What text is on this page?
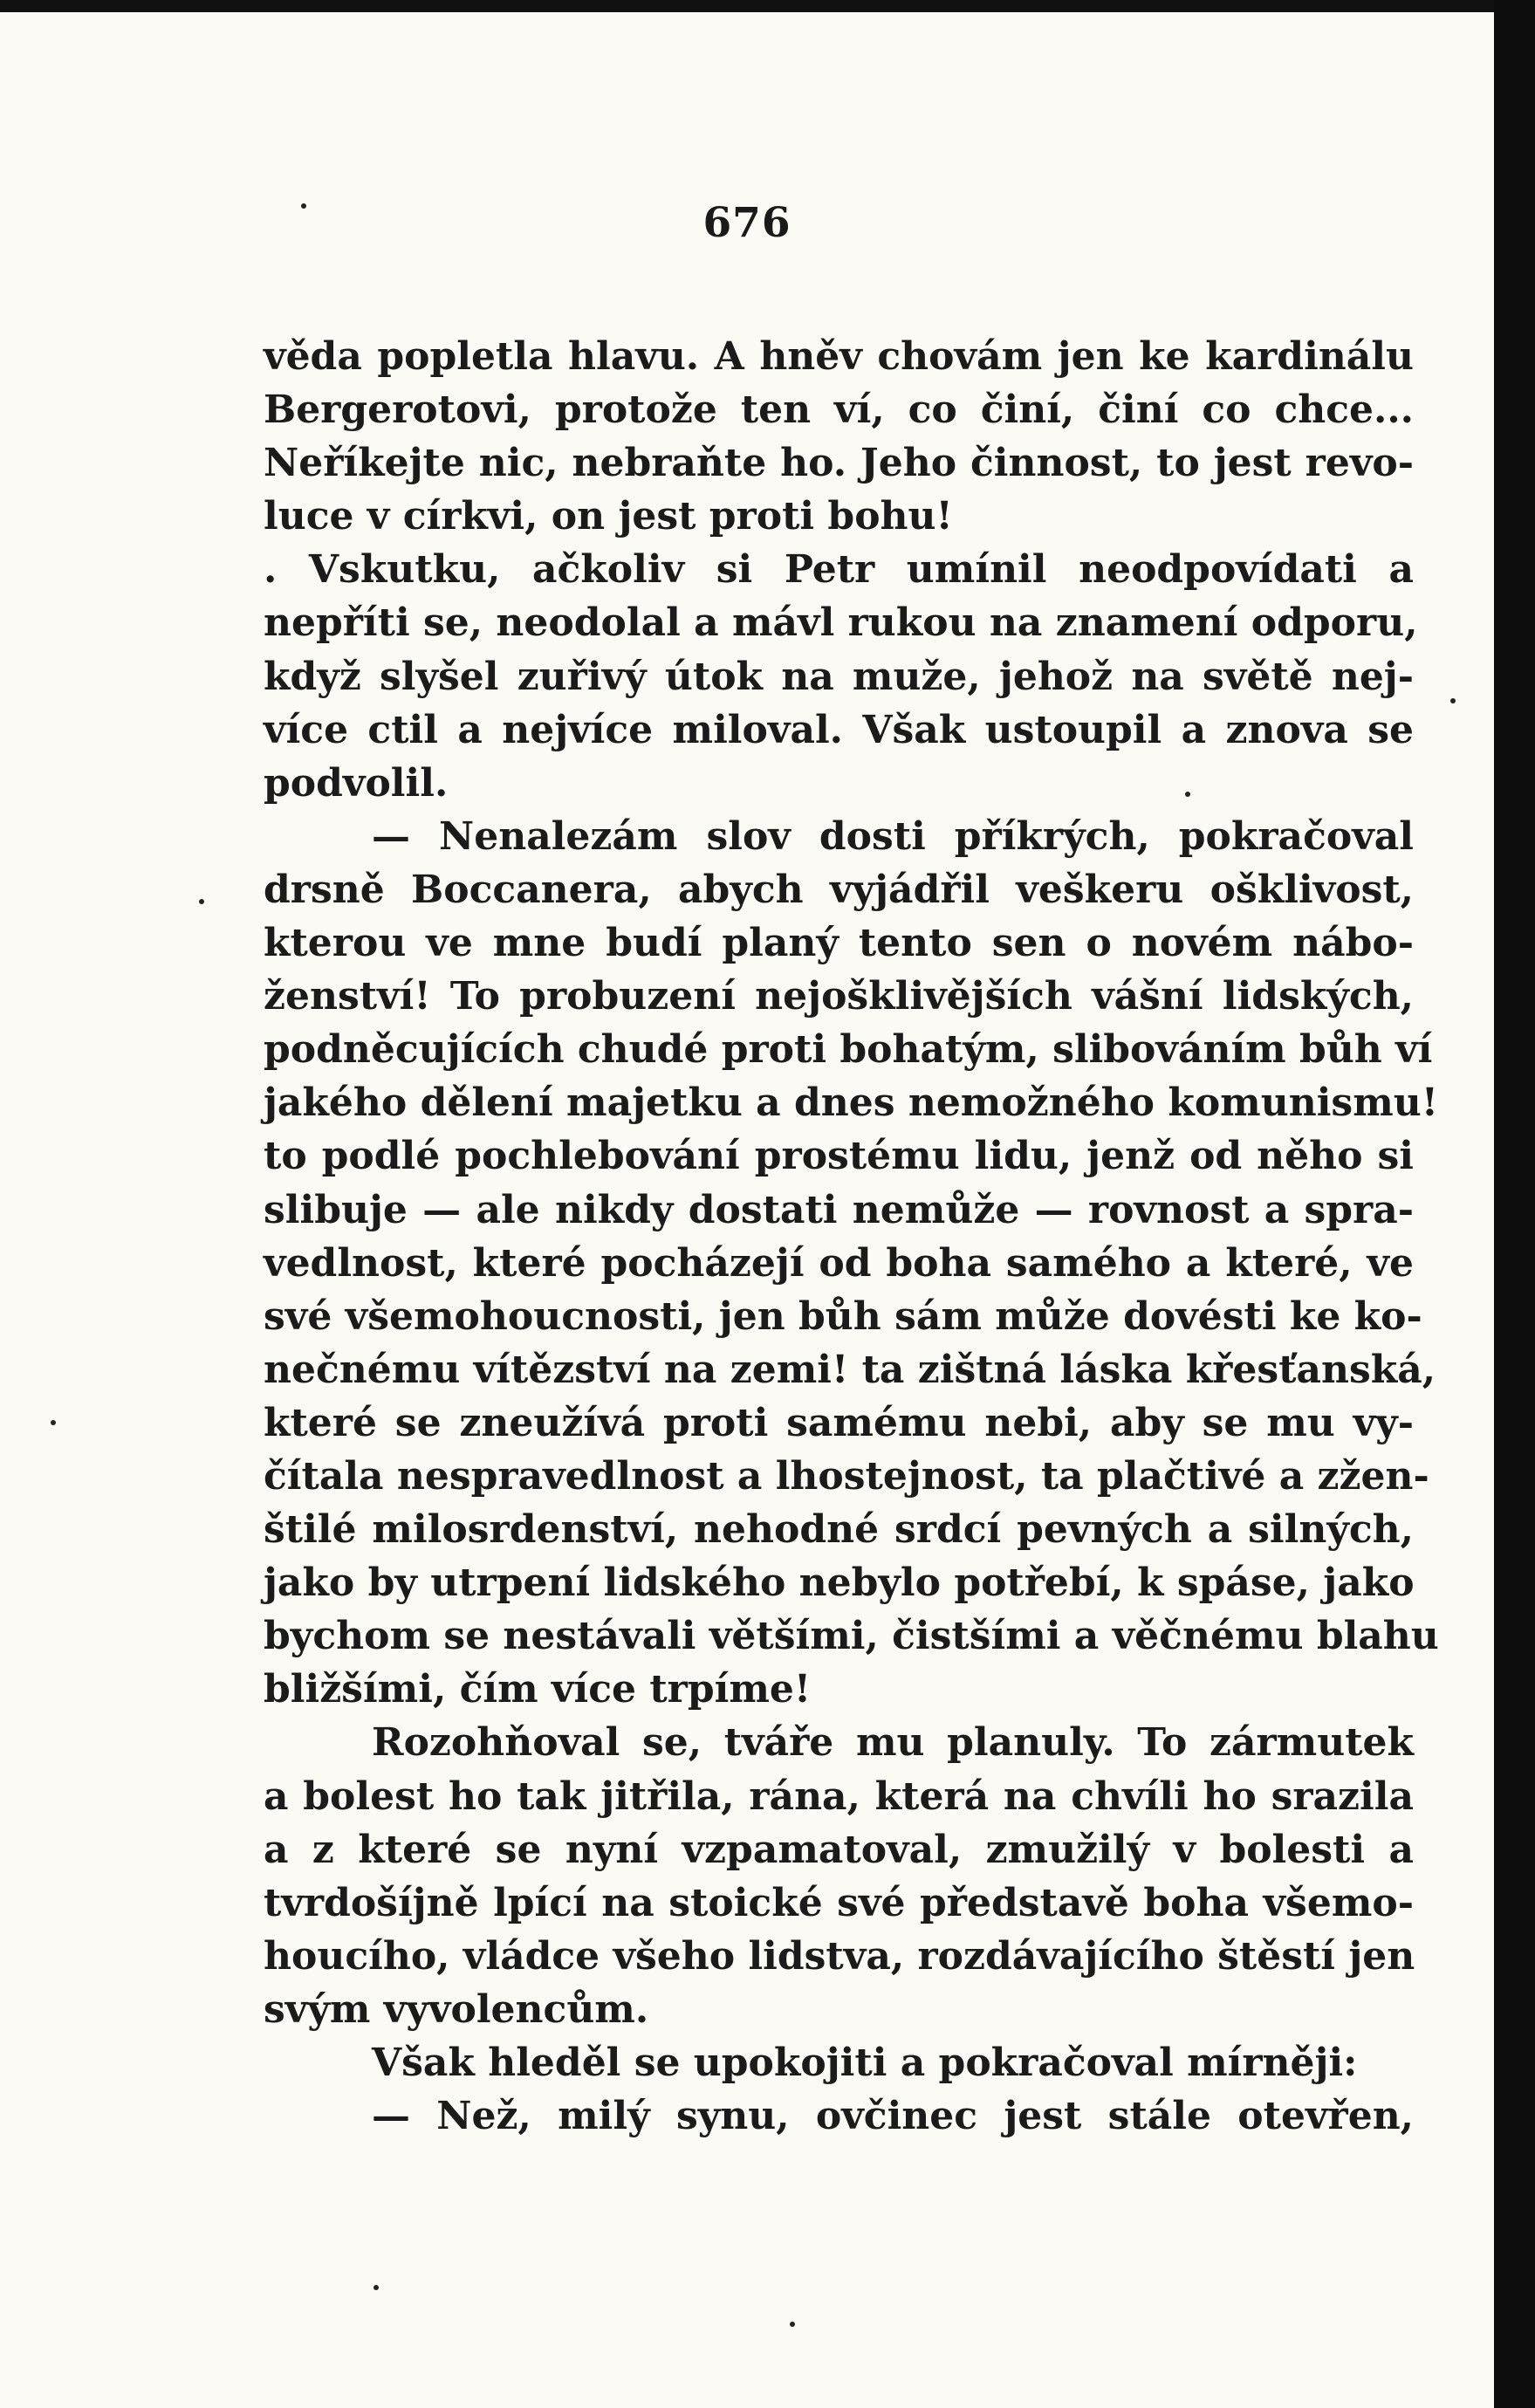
676
věda popletla hlavu. A hněv chovám jen ke kardinálu
Bergerotovi, protože ten ví, co činí, činí co chce...
Neříkejte nic, nebraňte ho. Jeho činnost, to jest revo-
luce v církvi, on jest proti bohu!
. Vskutku, ačkoliv si Petr umínil neodpovídati a
nepříti se, neodolal a mávl rukou na znamení odporu,
když slyšel zuřivý útok na muže, jehož na světě nej-
více ctil a nejvíce miloval. Však ustoupil a znova se
podvolil.
— Nenalezám slov dosti příkrých, pokračoval
drsně Boccanera, abych vyjádřil veškeru ošklivost,
kterou ve mne budí planý tento sen o novém nábo-
ženství! To probuzení nejošklivějších vášní lidských,
podněcujících chudé proti bohatým, slibováním bůh ví
jakého dělení majetku a dnes nemožného komunismu!
to podlé pochlebování prostému lidu, jenž od něho si
slibuje — ale nikdy dostati nemůže — rovnost a spra-
vedlnost, které pocházejí od boha samého a které, ve
své všemohoucnosti, jen bůh sám může dovésti ke ko-
nečnému vítězství na zemi! ta zištná láska křesťanská,
které se zneužívá proti samému nebi, aby se mu vy-
čítala nespravedlnost a lhostejnost, ta plačtivé a zžen-
štilé milosrdenství, nehodné srdcí pevných a silných,
jako by utrpení lidského nebylo potřebí, k spáse, jako
bychom se nestávali většími, čistšími a věčnému blahu
bližšími, čím více trpíme!
Rozohňoval se, tváře mu planuly. To zármutek
a bolest ho tak jitřila, rána, která na chvíli ho srazila
a z které se nyní vzpamatoval, zmužilý v bolesti a
tvrdošíjně lpící na stoické své představě boha všemo-
houcího, vládce všeho lidstva, rozdávajícího štěstí jen
svým vyvolencům.
Však hleděl se upokojiti a pokračoval mírněji:
— Než, milý synu, ovčinec jest stále otevřen,
